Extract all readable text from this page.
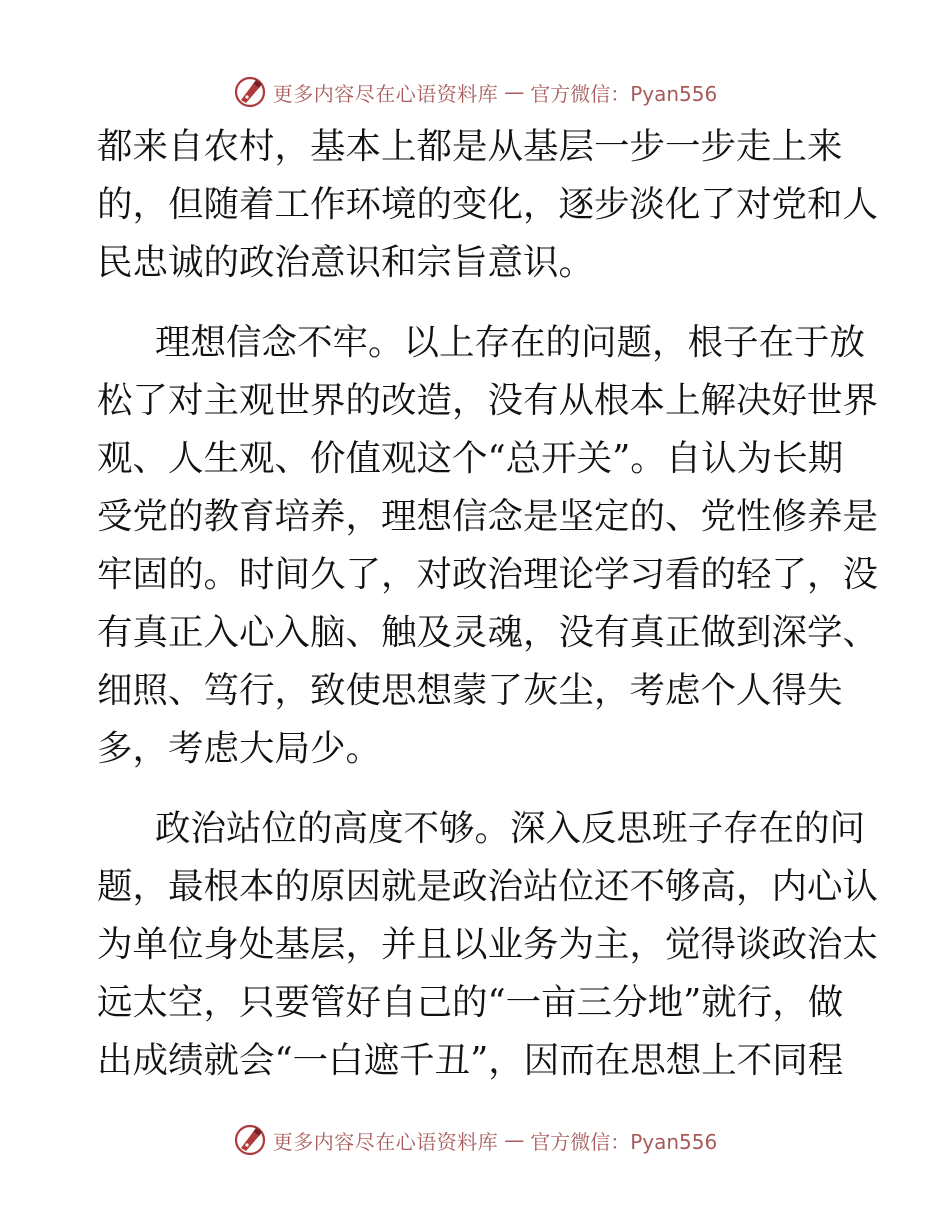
更多内容尽在心语资料库 — 官方微信：Pyan556
都来自农村，基本上都是从基层一步一步走上来
的，但随着工作环境的变化，逐步淡化了对党和人
民忠诚的政治意识和宗旨意识。
理想信念不牢。以上存在的问题，根子在于放
松了对主观世界的改造，没有从根本上解决好世界
观、人生观、价值观这个“总开关”。自认为长期
受党的教育培养，理想信念是坚定的、党性修养是
牢固的。时间久了，对政治理论学习看的轻了，没
有真正入心入脑、触及灵魂，没有真正做到深学、
细照、笃行，致使思想蒙了灰尘，考虑个人得失
多，考虑大局少。
政治站位的高度不够。深入反思班子存在的问
题，最根本的原因就是政治站位还不够高，内心认
为单位身处基层，并且以业务为主，觉得谈政治太
远太空，只要管好自己的“一亩三分地”就行，做
出成绩就会“一白遮千丑”，因而在思想上不同程
更多内容尽在心语资料库 — 官方微信：Pyan556
